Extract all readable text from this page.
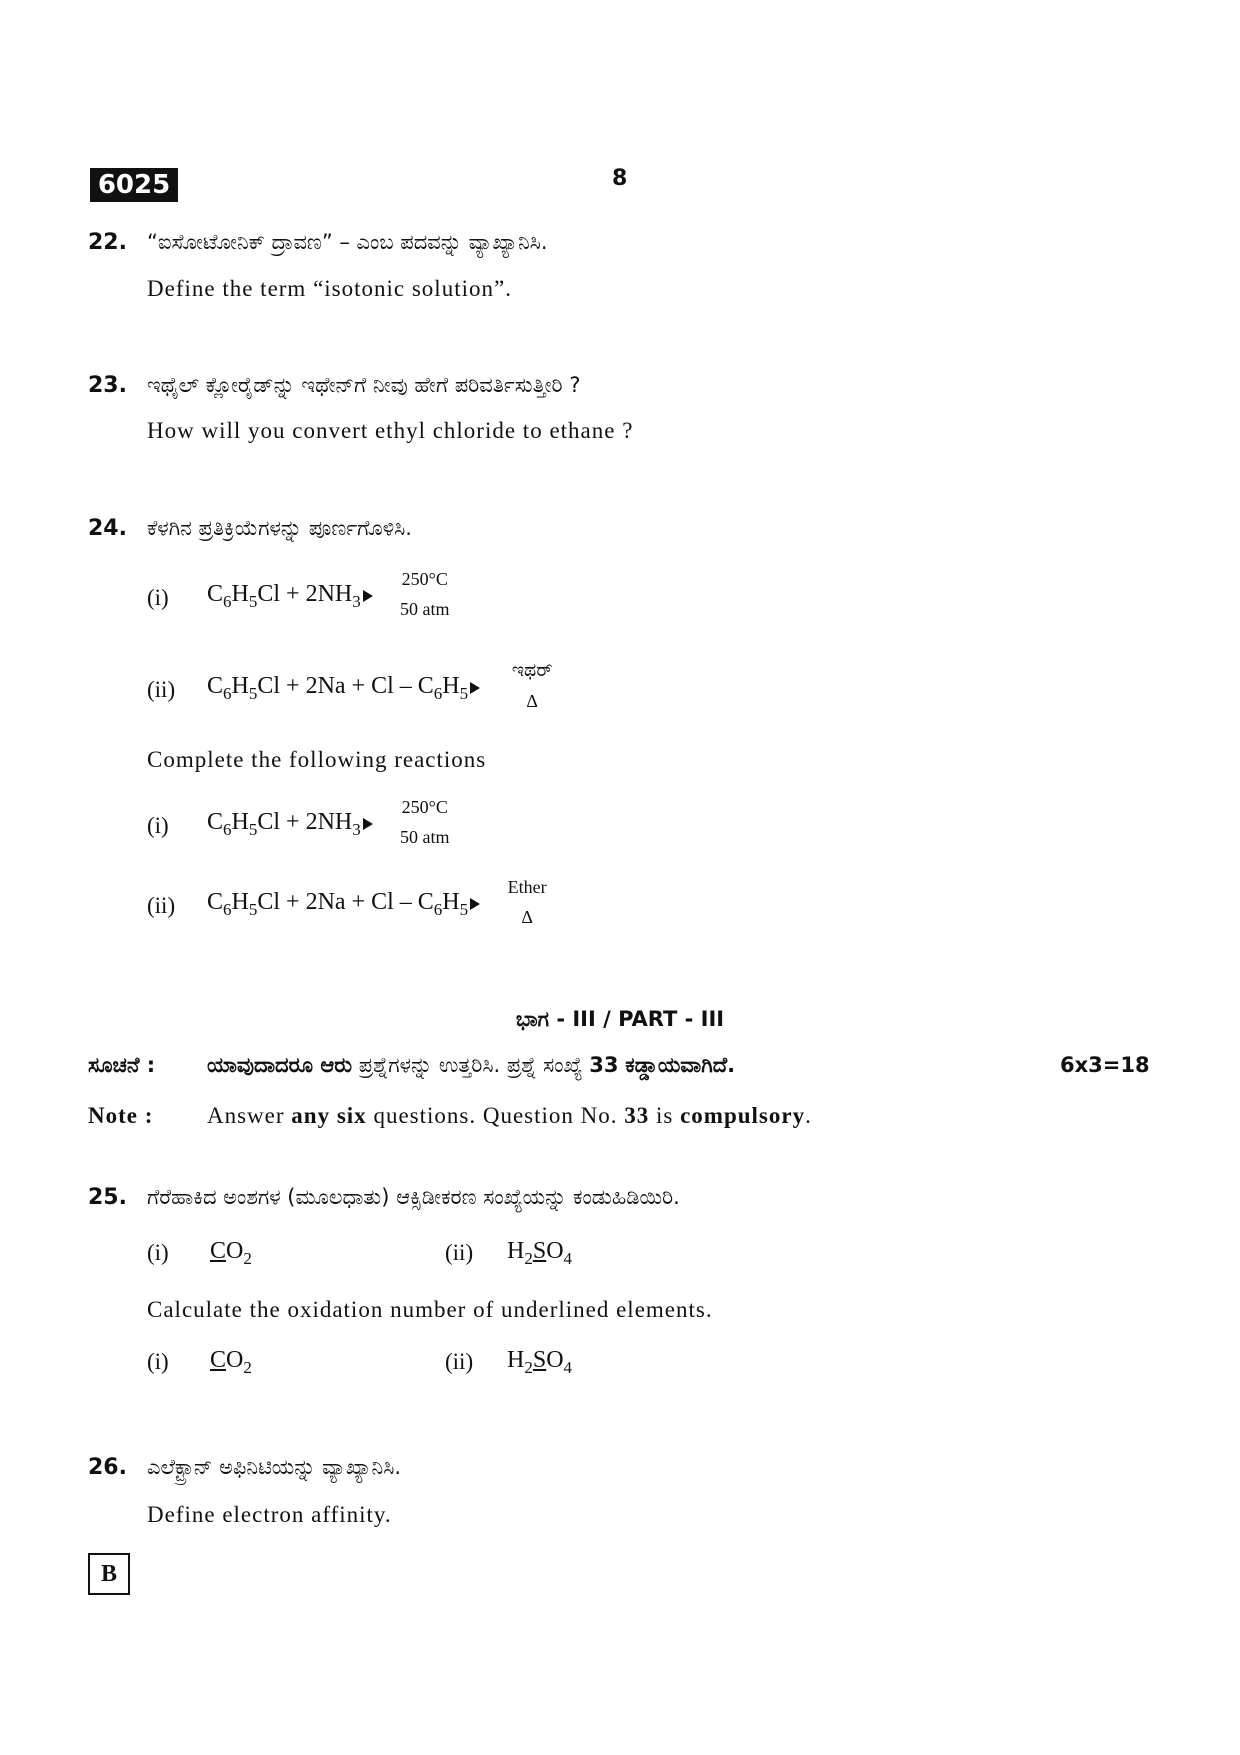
6025	8
22. “ಐಸೋಟೋನಿಕ್ ದ್ರಾವಣ” – ಎಂಬ ಪದವನ್ನು ವ್ಯಾಖ್ಯಾನಿಸಿ.
Define the term “isotonic solution”.
23. ಇಥೈಲ್ ಕ್ಲೋರೈಡ್‌ನ್ನು ಇಥೇನ್‌ಗೆ ನೀವು ಹೇಗೆ ಪರಿವರ್ತಿಸುತ್ತೀರಿ ?
How will you convert ethyl chloride to ethane ?
24. ಕೆಳಗಿನ ಪ್ರತಿಕ್ರಿಯೆಗಳನ್ನು ಪೂರ್ಣಗೊಳಿಸಿ.
(i) $C_6H_5Cl + 2NH_3$
250°C
50 atm
(ii) $C_6H_5Cl + 2Na + Cl - C_6H_5$
ಇಥರ್
Δ
Complete the following reactions
(i) $C_6H_5Cl + 2NH_3$
250°C
50 atm
(ii) $C_6H_5Cl + 2Na + Cl - C_6H_5$
Ether
Δ
ಭಾಗ - III / PART - III
ಸೂಚನೆ : ಯಾವುದಾದರೂ ಆರು ಪ್ರಶ್ನೆಗಳನ್ನು ಉತ್ತರಿಸಿ. ಪ್ರಶ್ನೆ ಸಂಖ್ಯೆ 33 ಕಡ್ಡಾಯವಾಗಿದೆ.	6x3=18
Note : Answer any six questions. Question No. 33 is compulsory.
25. ಗೆರೆಹಾಕಿದ ಅಂಶಗಳ (ಮೂಲಧಾತು) ಆಕ್ಸಿಡೀಕರಣ ಸಂಖ್ಯೆಯನ್ನು ಕಂಡುಹಿಡಿಯಿರಿ.
(i) $CO_2$	(ii) $H_2SO_4$
Calculate the oxidation number of underlined elements.
(i) $CO_2$	(ii) $H_2SO_4$
26. ಎಲೆಕ್ಟ್ರಾನ್ ಅಫಿನಿಟಿಯನ್ನು ವ್ಯಾಖ್ಯಾನಿಸಿ.
Define electron affinity.
B
